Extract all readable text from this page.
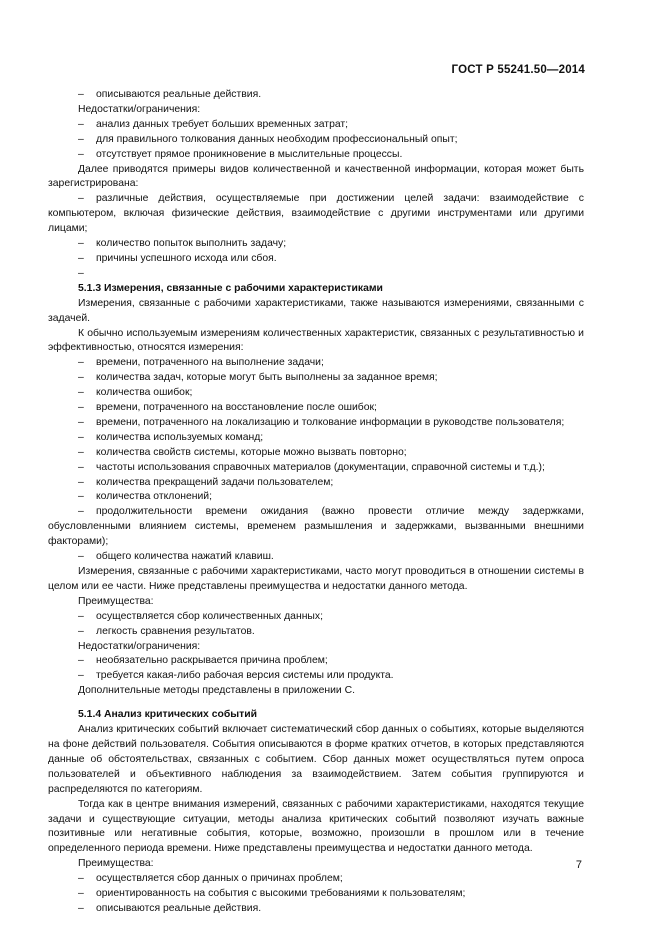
ГОСТ Р 55241.50—2014
– описываются реальные действия.
Недостатки/ограничения:
– анализ данных требует больших временных затрат;
– для правильного толкования данных необходим профессиональный опыт;
– отсутствует прямое проникновение в мыслительные процессы.
Далее приводятся примеры видов количественной и качественной информации, которая может быть зарегистрирована:
– различные действия, осуществляемые при достижении целей задачи: взаимодействие с компьютером, включая физические действия, взаимодействие с другими инструментами или другими лицами;
– количество попыток выполнить задачу;
– причины успешного исхода или сбоя.
–

5.1.3 Измерения, связанные с рабочими характеристиками
Измерения, связанные с рабочими характеристиками, также называются измерениями, связанными с задачей.
К обычно используемым измерениям количественных характеристик, связанных с результативностью и эффективностью, относятся измерения:
– времени, потраченного на выполнение задачи;
– количества задач, которые могут быть выполнены за заданное время;
– количества ошибок;
– времени, потраченного на восстановление после ошибок;
– времени, потраченного на локализацию и толкование информации в руководстве пользователя;
– количества используемых команд;
– количества свойств системы, которые можно вызвать повторно;
– частоты использования справочных материалов (документации, справочной системы и т.д.);
– количества прекращений задачи пользователем;
– количества отклонений;
– продолжительности времени ожидания (важно провести отличие между задержками, обусловленными влиянием системы, временем размышления и задержками, вызванными внешними факторами);
– общего количества нажатий клавиш.
Измерения, связанные с рабочими характеристиками, часто могут проводиться в отношении системы в целом или ее части. Ниже представлены преимущества и недостатки данного метода.
Преимущества:
– осуществляется сбор количественных данных;
– легкость сравнения результатов.
Недостатки/ограничения:
– необязательно раскрывается причина проблем;
– требуется какая-либо рабочая версия системы или продукта.
Дополнительные методы представлены в приложении С.
5.1.4 Анализ критических событий
Анализ критических событий включает систематический сбор данных о событиях, которые выделяются на фоне действий пользователя. События описываются в форме кратких отчетов, в которых представляются данные об обстоятельствах, связанных с событием. Сбор данных может осуществляться путем опроса пользователей и объективного наблюдения за взаимодействием. Затем события группируются и распределяются по категориям.
Тогда как в центре внимания измерений, связанных с рабочими характеристиками, находятся текущие задачи и существующие ситуации, методы анализа критических событий позволяют изучать важные позитивные или негативные события, которые, возможно, произошли в прошлом или в течение определенного периода времени. Ниже представлены преимущества и недостатки данного метода.
Преимущества:
– осуществляется сбор данных о причинах проблем;
– ориентированность на события с высокими требованиями к пользователям;
– описываются реальные действия.
7
